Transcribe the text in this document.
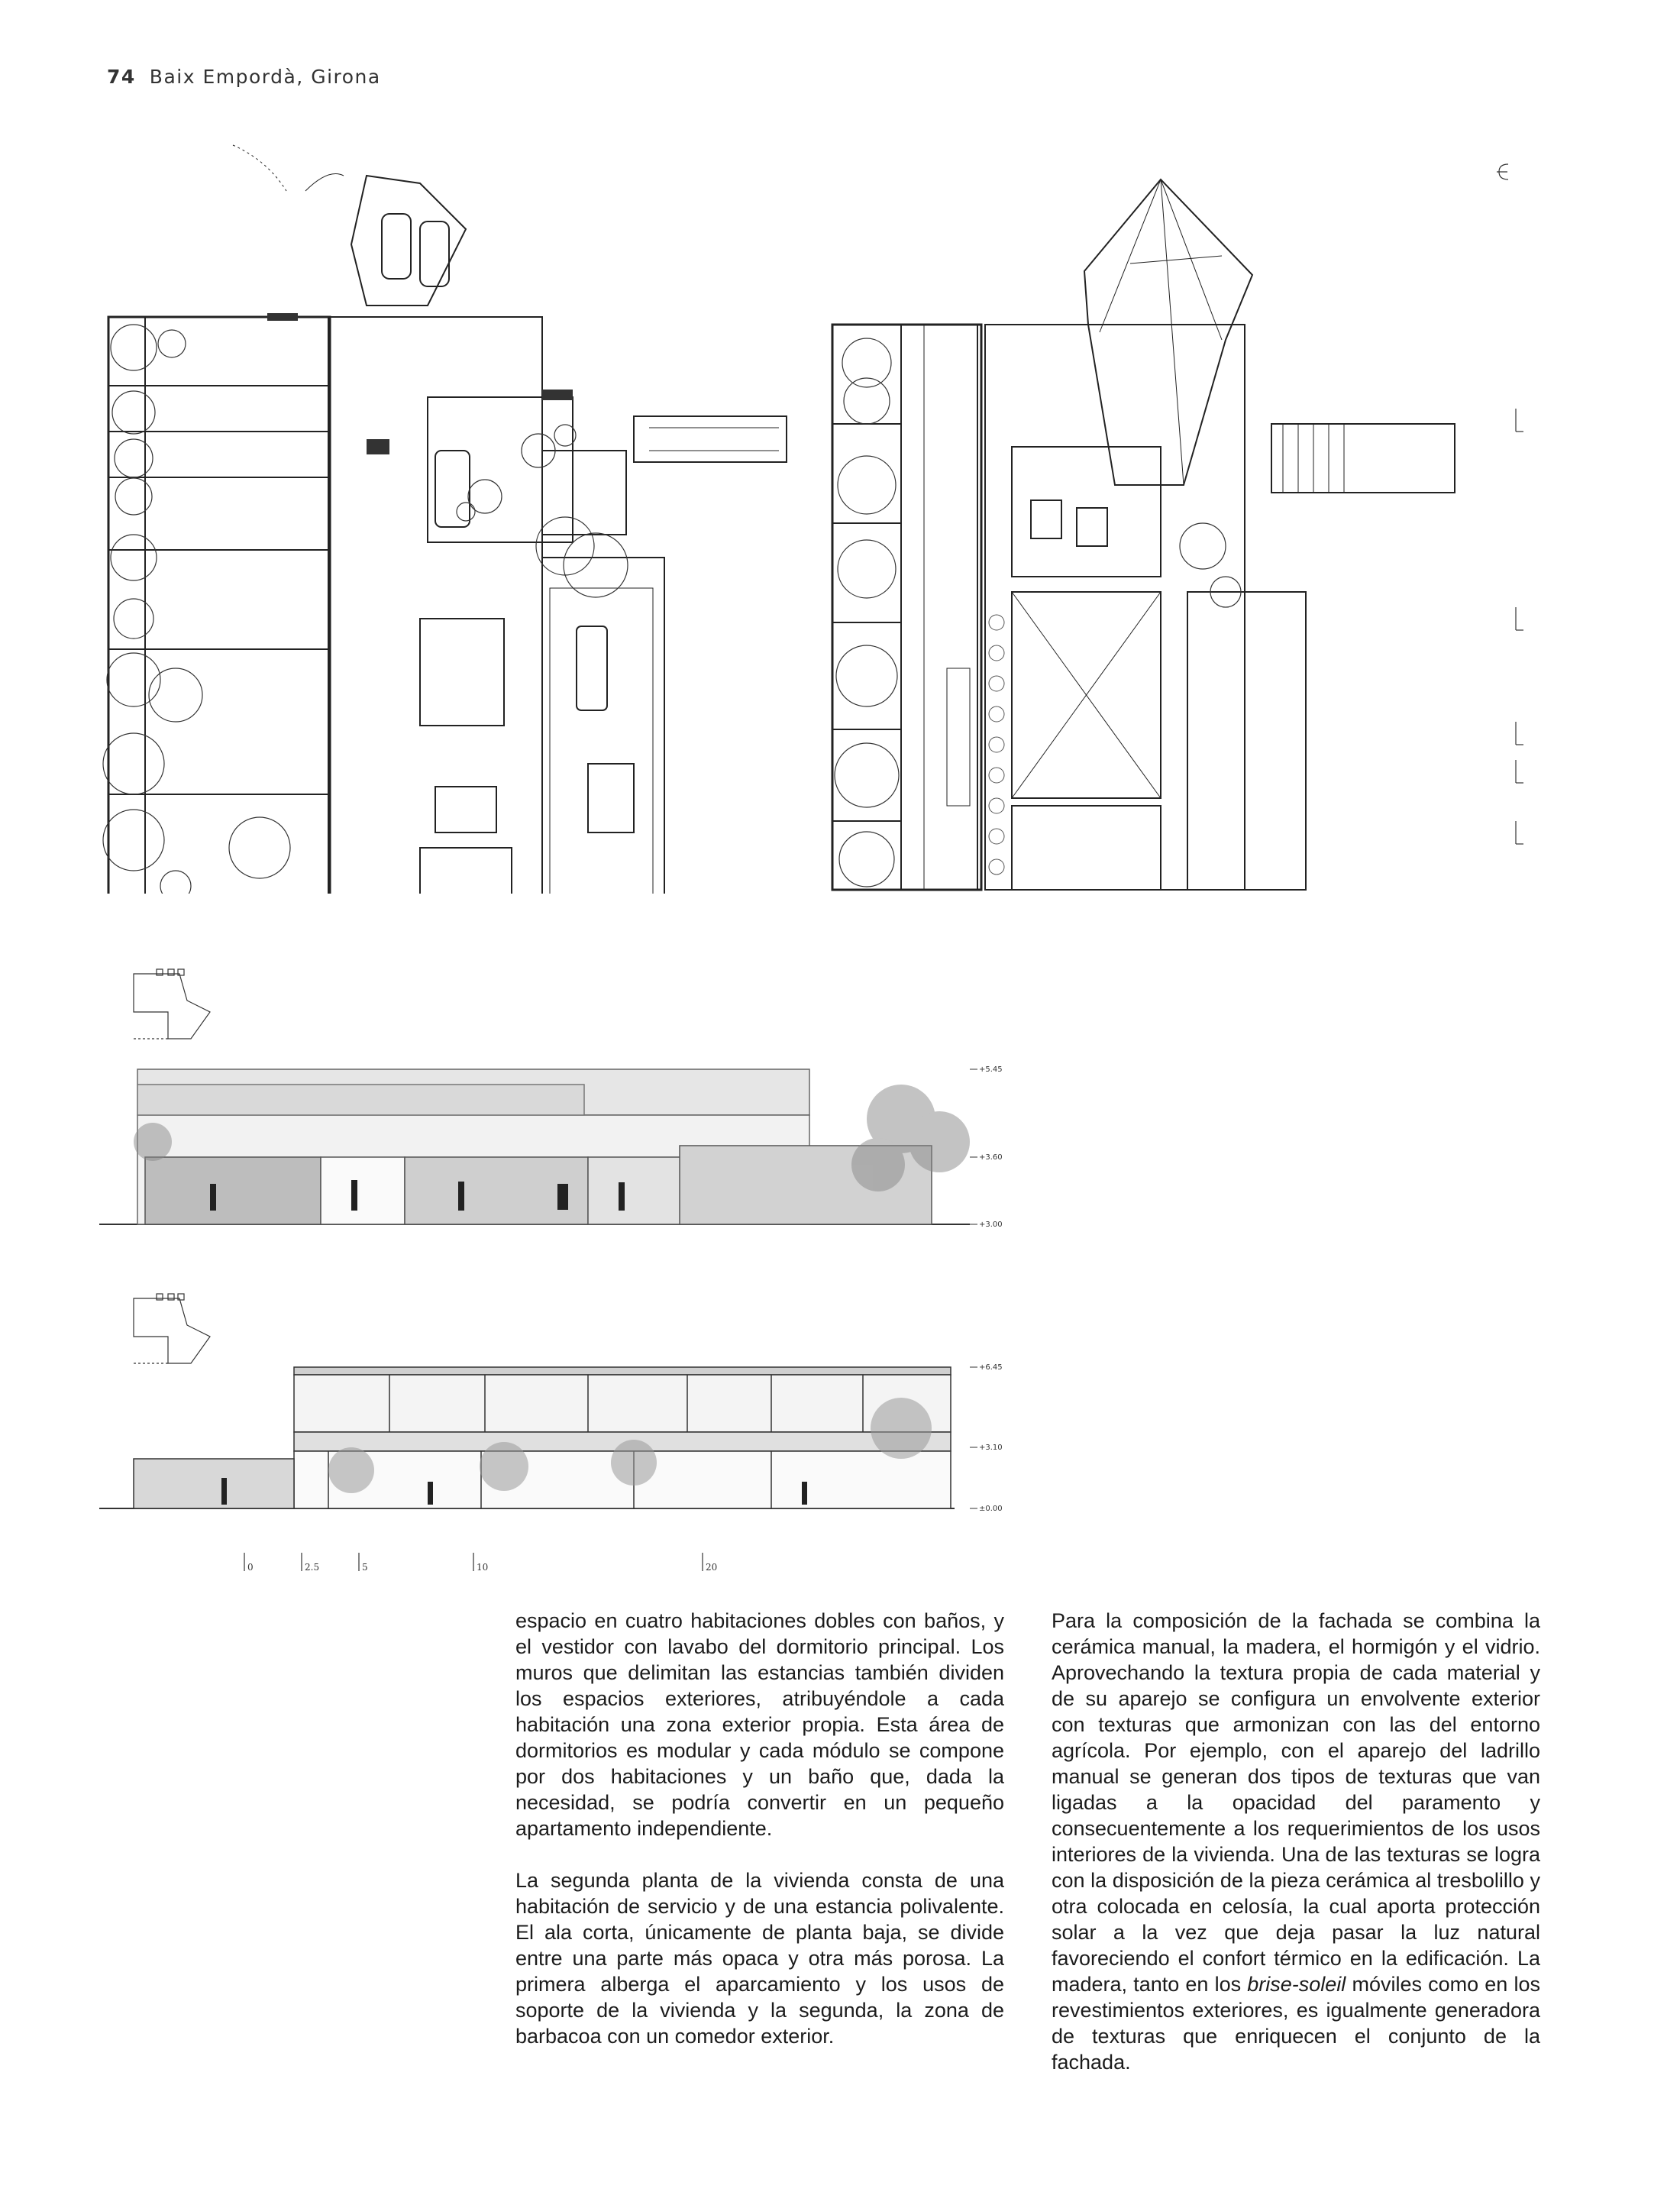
74 Baix Empordà, Girona
+5.45
+3.60
+3.00
+6.45
+3.10
±0.00
0	2.5	5	10	20

espacio en cuatro habitaciones dobles con baños, y el vestidor con lavabo del dormitorio principal. Los muros que delimitan las estancias también dividen los espacios exteriores, atribuyéndole a cada habitación una zona exterior propia. Esta área de dormitorios es modular y cada módulo se compone por dos habitaciones y un baño que, dada la necesidad, se podría convertir en un pequeño apartamento independiente.

La segunda planta de la vivienda consta de una habitación de servicio y de una estancia polivalente. El ala corta, únicamente de planta baja, se divide entre una parte más opaca y otra más porosa. La primera alberga el aparcamiento y los usos de soporte de la vivienda y la segunda, la zona de barbacoa con un comedor exterior.

Para la composición de la fachada se combina la cerámica manual, la madera, el hormigón y el vidrio. Aprovechando la textura propia de cada material y de su aparejo se configura un envolvente exterior con texturas que armonizan con las del entorno agrícola. Por ejemplo, con el aparejo del ladrillo manual se generan dos tipos de texturas que van ligadas a la opacidad del paramento y consecuentemente a los requerimientos de los usos interiores de la vivienda. Una de las texturas se logra con la disposición de la pieza cerámica al tresbolillo y otra colocada en celosía, la cual aporta protección solar a la vez que deja pasar la luz natural favoreciendo el confort térmico en la edificación. La madera, tanto en los brise-soleil móviles como en los revestimientos exteriores, es igualmente generadora de texturas que enriquecen el conjunto de la fachada.
